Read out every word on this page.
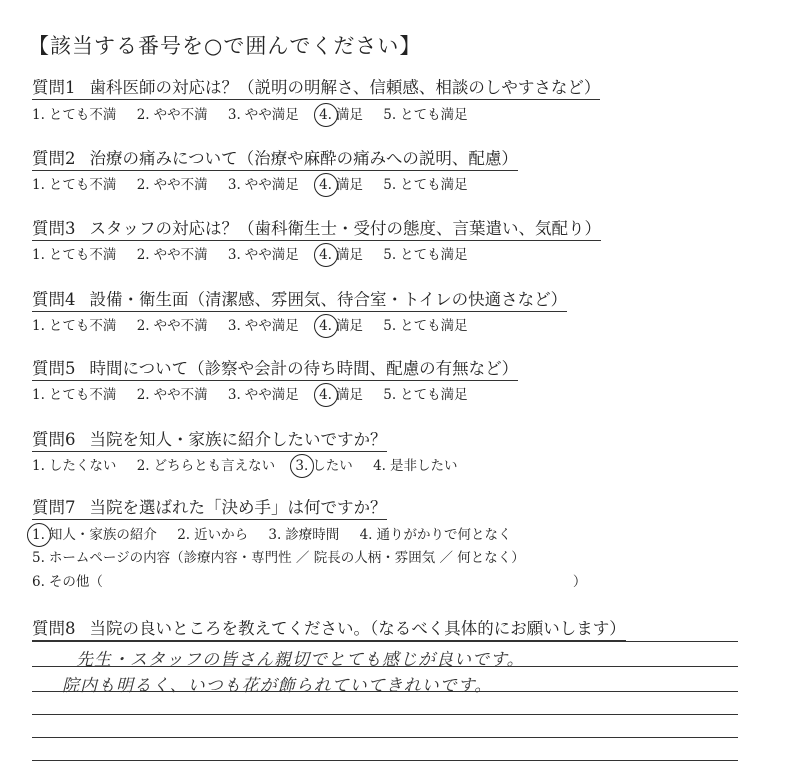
【該当する番号を○で囲んでください】
質問1 歯科医師の対応は？（説明の明解さ、信頼感、相談のしやすさなど）
1. とても不満 2. やや不満 3. やや満足 4. 満足 5. とても満足
質問2 治療の痛みについて（治療や麻酔の痛みへの説明、配慮）
1. とても不満 2. やや不満 3. やや満足 4. 満足 5. とても満足
質問3 スタッフの対応は？（歯科衛生士・受付の態度、言葉遣い、気配り）
1. とても不満 2. やや不満 3. やや満足 4. 満足 5. とても満足
質問4 設備・衛生面（清潔感、雰囲気、待合室・トイレの快適さなど）
1. とても不満 2. やや不満 3. やや満足 4. 満足 5. とても満足
質問5 時間について（診察や会計の待ち時間、配慮の有無など）
1. とても不満 2. やや不満 3. やや満足 4. 満足 5. とても満足
質問6 当院を知人・家族に紹介したいですか？
1. したくない 2. どちらとも言えない 3. したい 4. 是非したい
質問7 当院を選ばれた「決め手」は何ですか？
1. 知人・家族の紹介 2. 近いから 3. 診療時間 4. 通りがかりで何となく
5. ホームページの内容（診療内容・専門性 ／ 院長の人柄・雰囲気 ／ 何となく）
6. その他（	）
質問8 当院の良いところを教えてください。（なるべく具体的にお願いします）
先生・スタッフの皆さん親切でとても感じが良いです。
院内も明るく、いつも花が飾られていてきれいです。
